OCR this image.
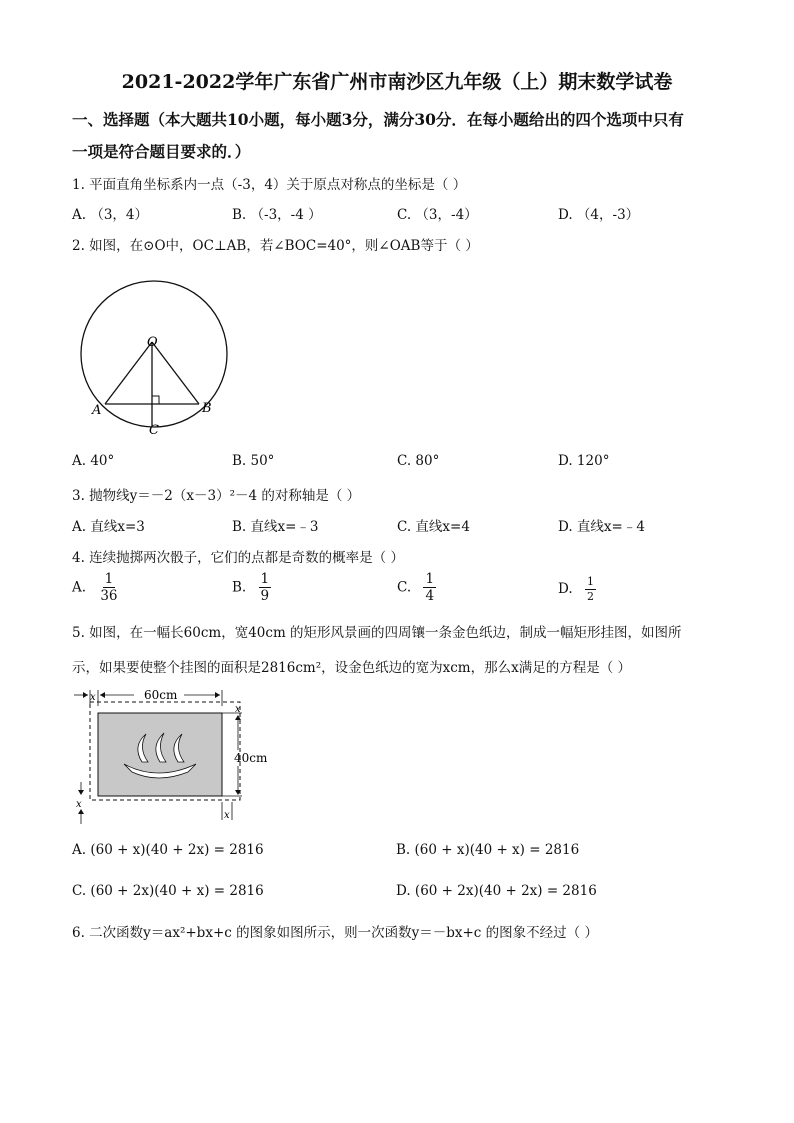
2021-2022学年广东省广州市南沙区九年级（上）期末数学试卷
一、选择题（本大题共10小题，每小题3分，满分30分．在每小题给出的四个选项中只有
一项是符合题目要求的．）
1. 平面直角坐标系内一点（-3，4）关于原点对称点的坐标是（ ）
A. （3，4）	B. （-3，-4 ）	C. （3，-4）	D. （4，-3）
2. 如图，在⊙O中，OC⊥AB，若∠BOC=40°，则∠OAB等于（ ）
O
A	B
C
A. 40°	B. 50°	C. 80°	D. 120°
3. 抛物线y＝－2（x－3）²－4 的对称轴是（ ）
A. 直线x=3	B. 直线x=﹣3	C. 直线x=4	D. 直线x=﹣4
4. 连续抛掷两次骰子，它们的点都是奇数的概率是（ ）
A. $\frac{1}{36}$	B. $\frac{1}{9}$	C. $\frac{1}{4}$	D. $\frac{1}{2}$
5. 如图，在一幅长60cm，宽40cm 的矩形风景画的四周镶一条金色纸边，制成一幅矩形挂图，如图所
示，如果要使整个挂图的面积是2816cm²，设金色纸边的宽为xcm，那么x满足的方程是（ ）
x	60cm
x
40cm
x
x
A. (60 + x)(40 + 2x) = 2816	B. (60 + x)(40 + x) = 2816
C. (60 + 2x)(40 + x) = 2816	D. (60 + 2x)(40 + 2x) = 2816
6. 二次函数y＝ax²+bx+c 的图象如图所示，则一次函数y＝－bx+c 的图象不经过（ ）
